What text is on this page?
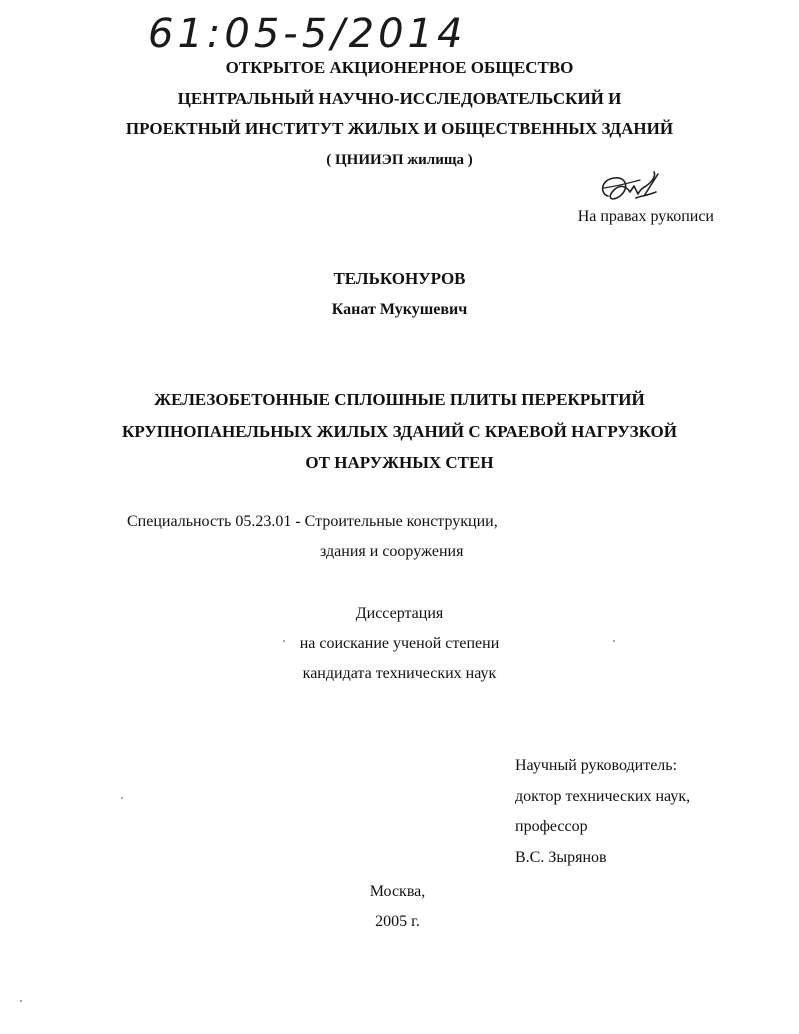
61:05-5/2014
ОТКРЫТОЕ АКЦИОНЕРНОЕ ОБЩЕСТВО
ЦЕНТРАЛЬНЫЙ НАУЧНО-ИССЛЕДОВАТЕЛЬСКИЙ И
ПРОЕКТНЫЙ ИНСТИТУТ ЖИЛЫХ И ОБЩЕСТВЕННЫХ ЗДАНИЙ
( ЦНИИЭП жилища )
На правах рукописи
ТЕЛЬКОНУРОВ
Канат Мукушевич
ЖЕЛЕЗОБЕТОННЫЕ СПЛОШНЫЕ ПЛИТЫ ПЕРЕКРЫТИЙ
КРУПНОПАНЕЛЬНЫХ ЖИЛЫХ ЗДАНИЙ С КРАЕВОЙ НАГРУЗКОЙ
ОТ НАРУЖНЫХ СТЕН
Специальность 05.23.01 - Строительные конструкции,
здания и сооружения
Диссертация
на соискание ученой степени
кандидата технических наук
Научный руководитель:
доктор технических наук,
профессор
В.С. Зырянов
Москва,
2005 г.
